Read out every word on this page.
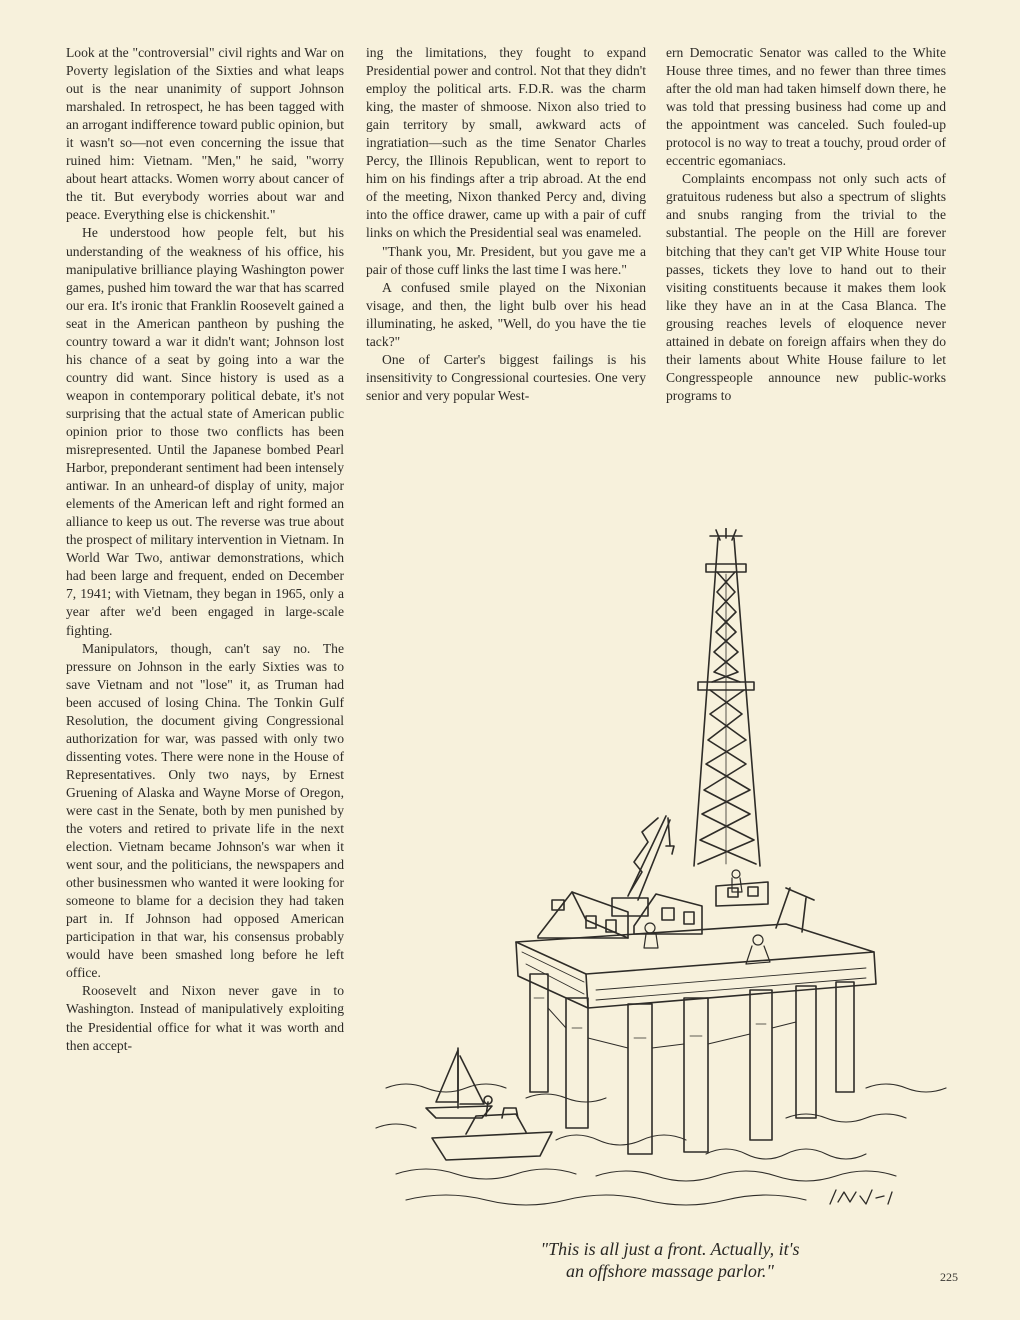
Look at the "controversial" civil rights and War on Poverty legislation of the Sixties and what leaps out is the near unanimity of support Johnson marshaled. In retrospect, he has been tagged with an arrogant indifference toward public opinion, but it wasn't so—not even concerning the issue that ruined him: Vietnam. "Men," he said, "worry about heart attacks. Women worry about cancer of the tit. But everybody worries about war and peace. Everything else is chickenshit."

He understood how people felt, but his understanding of the weakness of his office, his manipulative brilliance playing Washington power games, pushed him toward the war that has scarred our era. It's ironic that Franklin Roosevelt gained a seat in the American pantheon by pushing the country toward a war it didn't want; Johnson lost his chance of a seat by going into a war the country did want. Since history is used as a weapon in contemporary political debate, it's not surprising that the actual state of American public opinion prior to those two conflicts has been misrepresented. Until the Japanese bombed Pearl Harbor, preponderant sentiment had been intensely antiwar. In an unheard-of display of unity, major elements of the American left and right formed an alliance to keep us out. The reverse was true about the prospect of military intervention in Vietnam. In World War Two, antiwar demonstrations, which had been large and frequent, ended on December 7, 1941; with Vietnam, they began in 1965, only a year after we'd been engaged in large-scale fighting.

Manipulators, though, can't say no. The pressure on Johnson in the early Sixties was to save Vietnam and not "lose" it, as Truman had been accused of losing China. The Tonkin Gulf Resolution, the document giving Congressional authorization for war, was passed with only two dissenting votes. There were none in the House of Representatives. Only two nays, by Ernest Gruening of Alaska and Wayne Morse of Oregon, were cast in the Senate, both by men punished by the voters and retired to private life in the next election. Vietnam became Johnson's war when it went sour, and the politicians, the newspapers and other businessmen who wanted it were looking for someone to blame for a decision they had taken part in. If Johnson had opposed American participation in that war, his consensus probably would have been smashed long before he left office.

Roosevelt and Nixon never gave in to Washington. Instead of manipulatively exploiting the Presidential office for what it was worth and then accept-

ing the limitations, they fought to expand Presidential power and control. Not that they didn't employ the political arts. F.D.R. was the charm king, the master of shmoose. Nixon also tried to gain territory by small, awkward acts of ingratiation—such as the time Senator Charles Percy, the Illinois Republican, went to report to him on his findings after a trip abroad. At the end of the meeting, Nixon thanked Percy and, diving into the office drawer, came up with a pair of cuff links on which the Presidential seal was enameled.

"Thank you, Mr. President, but you gave me a pair of those cuff links the last time I was here."

A confused smile played on the Nixonian visage, and then, the light bulb over his head illuminating, he asked, "Well, do you have the tie tack?"

One of Carter's biggest failings is his insensitivity to Congressional courtesies. One very senior and very popular West-

ern Democratic Senator was called to the White House three times, and no fewer than three times after the old man had taken himself down there, he was told that pressing business had come up and the appointment was canceled. Such fouled-up protocol is no way to treat a touchy, proud order of eccentric egomaniacs.

Complaints encompass not only such acts of gratuitous rudeness but also a spectrum of slights and snubs ranging from the trivial to the substantial. The people on the Hill are forever bitching that they can't get VIP White House tour passes, tickets they love to hand out to their visiting constituents because it makes them look like they have an in at the Casa Blanca. The grousing reaches levels of eloquence never attained in debate on foreign affairs when they do their laments about White House failure to let Congresspeople announce new public-works programs to

"This is all just a front. Actually, it's
an offshore massage parlor."	225
